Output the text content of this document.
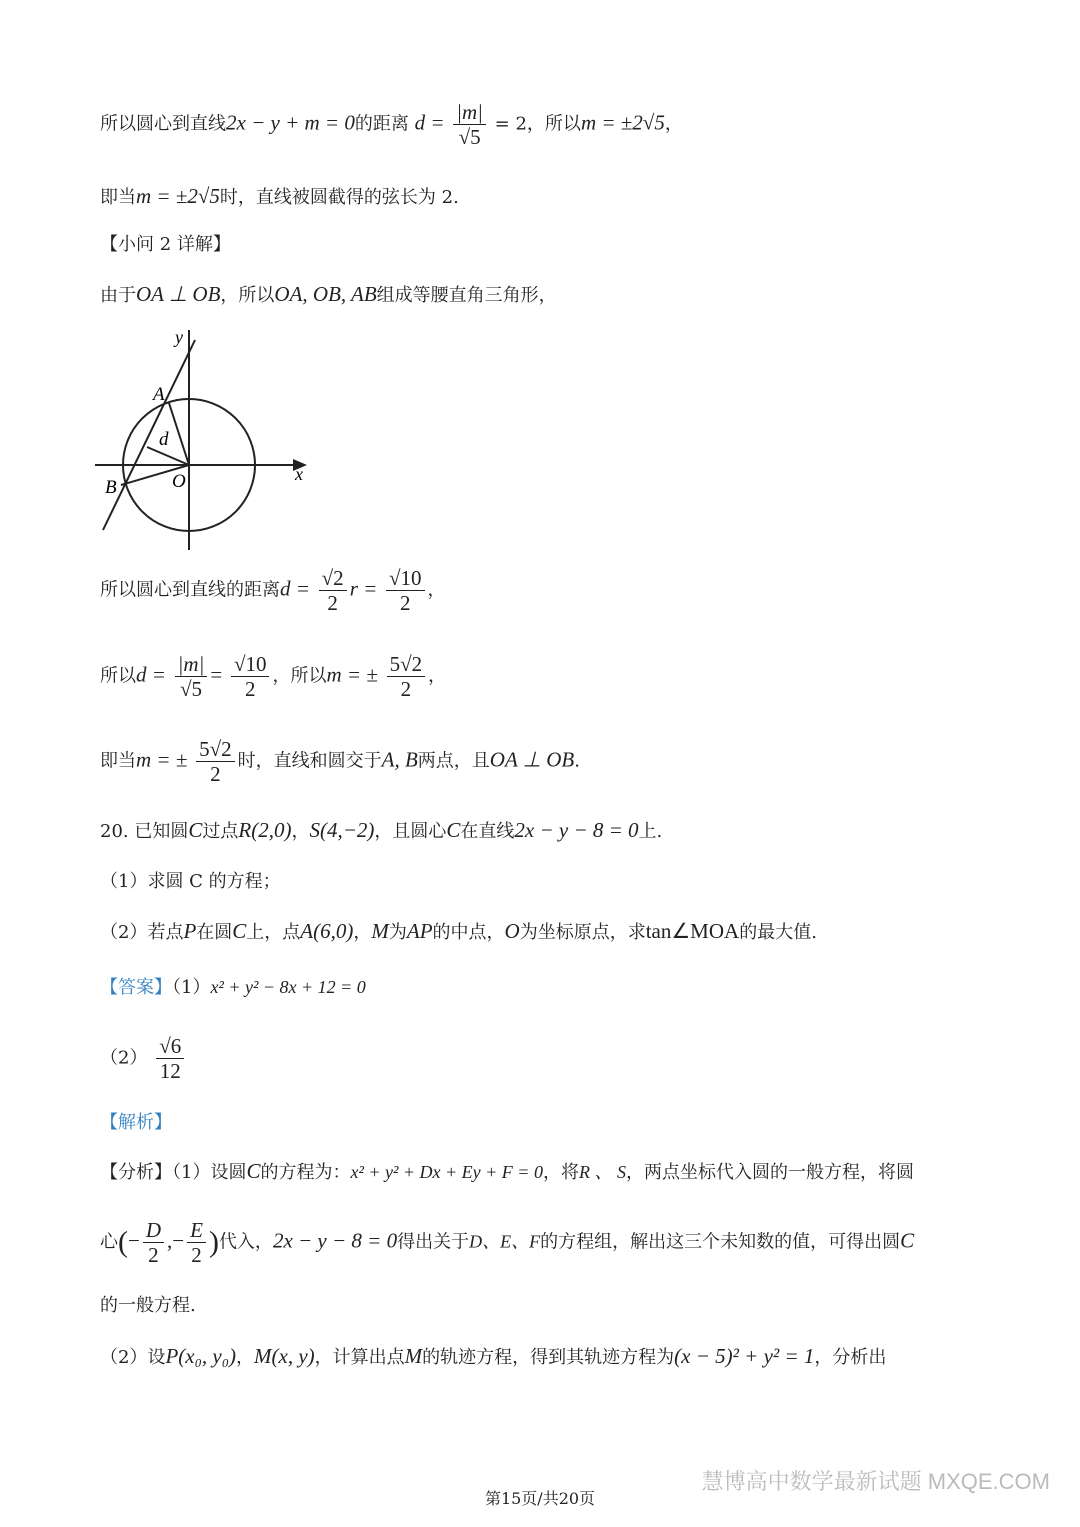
所以圆心到直线2x − y + m = 0的距离 $d = \frac{|m|}{√5} = 2$，所以m = ±2√5，
即当m = ±2√5时，直线被圆截得的弦长为 2.
【小问 2 详解】
由于OA ⊥ OB，所以OA, OB, AB组成等腰直角三角形，
y
x
A
B	O
d
所以圆心到直线的距离$d = \frac{√2}{2}$ $r = \frac{√10}{2}$ ，
所以$d = \frac{|m|}{√5} = \frac{√10}{2}$ ，所以m = ± $\frac{5√2}{2}$ ，
即当m = ± $\frac{5√2}{2}$ 时，直线和圆交于A, B两点，且OA ⊥ OB.
20. 已知圆C过点R(2,0)，S(4,−2)，且圆心C在直线2x − y − 8 = 0上.
（1）求圆 C 的方程；
（2）若点P在圆C上，点A(6,0)，M为AP的中点，O为坐标原点，求tan∠MOA的最大值.
【答案】（1）x² + y² − 8x + 12 = 0
$(2) \frac{√6}{12}$
【解析】
【分析】（1）设圆C的方程为：x² + y² + Dx + Ey + F = 0，将R 、 S，两点坐标代入圆的一般方程，将圆
心(− $\frac{D}{2}$ ,− $\frac{E}{2}$ )代入，2x − y − 8 = 0得出关于D、E、F的方程组，解出这三个未知数的值，可得出圆C
的一般方程.
（2）设P(x₀, y₀)，M(x, y)，计算出点M的轨迹方程，得到其轨迹方程为(x − 5)² + y² = 1，分析出
慧博高中数学最新试题 MXQE.COM
第15页/共20页
